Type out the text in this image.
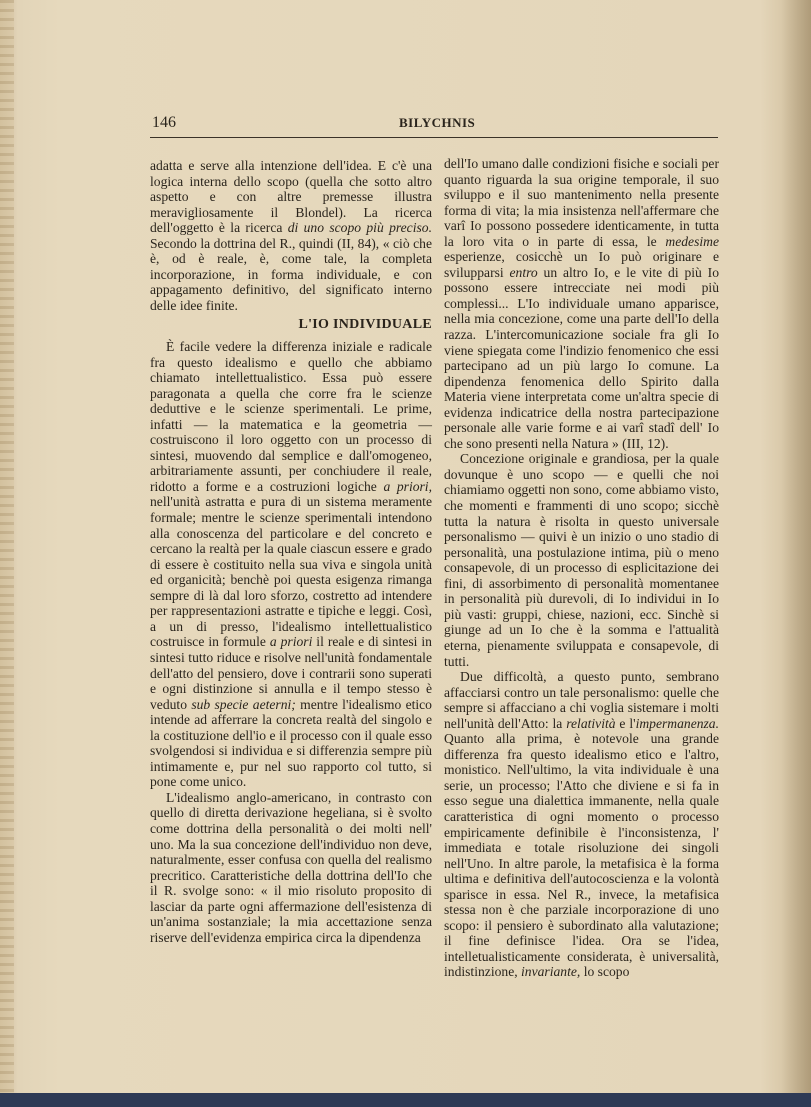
146	BILYCHNIS

adatta e serve alla intenzione dell'idea. E c'è una logica interna dello scopo (quella che sotto altro aspetto e con altre premesse illustra meravigliosamente il Blondel). La ricerca dell'oggetto è la ricerca di uno scopo più preciso. Secondo la dottrina del R., quindi (II, 84), « ciò che è, od è reale, è, come tale, la completa incorporazione, in forma individuale, e con appagamento definitivo, del significato interno delle idee finite.

L'IO INDIVIDUALE

È facile vedere la differenza iniziale e radicale fra questo idealismo e quello che abbiamo chiamato intellettualistico. Essa può essere paragonata a quella che corre fra le scienze deduttive e le scienze sperimentali. Le prime, infatti — la matematica e la geometria — costruiscono il loro oggetto con un processo di sintesi, muovendo dal semplice e dall'omogeneo, arbitrariamente assunti, per conchiudere il reale, ridotto a forme e a costruzioni logiche a priori, nell'unità astratta e pura di un sistema meramente formale; mentre le scienze sperimentali intendono alla conoscenza del particolare e del concreto e cercano la realtà per la quale ciascun essere e grado di essere è costituito nella sua viva e singola unità ed organicità; benchè poi questa esigenza rimanga sempre di là dal loro sforzo, costretto ad intendere per rappresentazioni astratte e tipiche e leggi. Così, a un di presso, l'idealismo intellettualistico costruisce in formule a priori il reale e di sintesi in sintesi tutto riduce e risolve nell'unità fondamentale dell'atto del pensiero, dove i contrarii sono superati e ogni distinzione si annulla e il tempo stesso è veduto sub specie aeterni; mentre l'idealismo etico intende ad afferrare la concreta realtà del singolo e la costituzione dell'io e il processo con il quale esso svolgendosi si individua e si differenzia sempre più intimamente e, pur nel suo rapporto col tutto, si pone come unico.

L'idealismo anglo-americano, in contrasto con quello di diretta derivazione hegeliana, si è svolto come dottrina della personalità o dei molti nell' uno. Ma la sua concezione dell'individuo non deve, naturalmente, esser confusa con quella del realismo precritico. Caratteristiche della dottrina dell'Io che il R. svolge sono: « il mio risoluto proposito di lasciar da parte ogni affermazione dell'esistenza di un'anima sostanziale; la mia accettazione senza riserve dell'evidenza empirica circa la dipendenza

dell'Io umano dalle condizioni fisiche e sociali per quanto riguarda la sua origine temporale, il suo sviluppo e il suo mantenimento nella presente forma di vita; la mia insistenza nell'affermare che varî Io possono possedere identicamente, in tutta la loro vita o in parte di essa, le medesime esperienze, cosicchè un Io può originare e svilupparsi entro un altro Io, e le vite di più Io possono essere intrecciate nei modi più complessi... L'Io individuale umano apparisce, nella mia concezione, come una parte dell'Io della razza. L'intercomunicazione sociale fra gli Io viene spiegata come l'indizio fenomenico che essi partecipano ad un più largo Io comune. La dipendenza fenomenica dello Spirito dalla Materia viene interpretata come un'altra specie di evidenza indicatrice della nostra partecipazione personale alle varie forme e ai varî stadî dell' Io che sono presenti nella Natura » (III, 12).

Concezione originale e grandiosa, per la quale dovunque è uno scopo — e quelli che noi chiamiamo oggetti non sono, come abbiamo visto, che momenti e frammenti di uno scopo; sicchè tutta la natura è risolta in questo universale personalismo — quivi è un inizio o uno stadio di personalità, una postulazione intima, più o meno consapevole, di un processo di esplicitazione dei fini, di assorbimento di personalità momentanee in personalità più durevoli, di Io individui in Io più vasti: gruppi, chiese, nazioni, ecc. Sinchè si giunge ad un Io che è la somma e l'attualità eterna, pienamente sviluppata e consapevole, di tutti.

Due difficoltà, a questo punto, sembrano affacciarsi contro un tale personalismo: quelle che sempre si affacciano a chi voglia sistemare i molti nell'unità dell'Atto: la relatività e l'impermanenza. Quanto alla prima, è notevole una grande differenza fra questo idealismo etico e l'altro, monistico. Nell'ultimo, la vita individuale è una serie, un processo; l'Atto che diviene e si fa in esso segue una dialettica immanente, nella quale caratteristica di ogni momento o processo empiricamente definibile è l'inconsistenza, l' immediata e totale risoluzione dei singoli nell'Uno. In altre parole, la metafisica è la forma ultima e definitiva dell'autocoscienza e la volontà sparisce in essa. Nel R., invece, la metafisica stessa non è che parziale incorporazione di uno scopo: il pensiero è subordinato alla valutazione; il fine definisce l'idea. Ora se l'idea, intelletualisticamente considerata, è universalità, indistinzione, invariante, lo scopo
